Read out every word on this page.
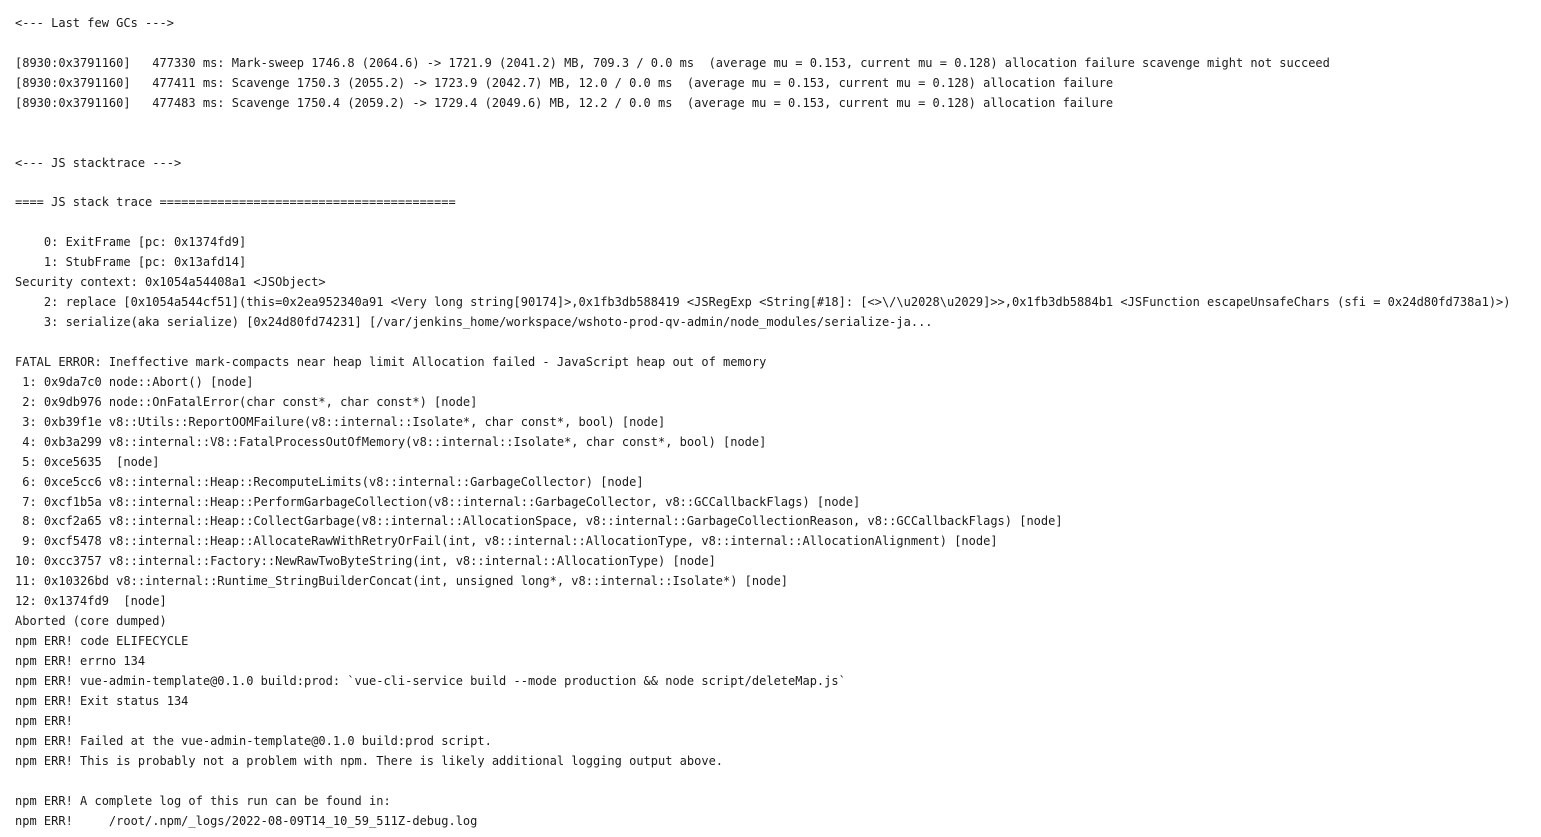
<--- Last few GCs --->
[8930:0x3791160]   477330 ms: Mark-sweep 1746.8 (2064.6) -> 1721.9 (2041.2) MB, 709.3 / 0.0 ms  (average mu = 0.153, current mu = 0.128) allocation failure scavenge might not succeed
[8930:0x3791160]   477411 ms: Scavenge 1750.3 (2055.2) -> 1723.9 (2042.7) MB, 12.0 / 0.0 ms  (average mu = 0.153, current mu = 0.128) allocation failure
[8930:0x3791160]   477483 ms: Scavenge 1750.4 (2059.2) -> 1729.4 (2049.6) MB, 12.2 / 0.0 ms  (average mu = 0.153, current mu = 0.128) allocation failure
<--- JS stacktrace --->
==== JS stack trace =========================================
0: ExitFrame [pc: 0x1374fd9]
1: StubFrame [pc: 0x13afd14]
Security context: 0x1054a54408a1 <JSObject>
2: replace [0x1054a544cf51](this=0x2ea952340a91 <Very long string[90174]>,0x1fb3db588419 <JSRegExp <String[#18]: [<>\/\u2028\u2029]>>,0x1fb3db5884b1 <JSFunction escapeUnsafeChars (sfi = 0x24d80fd738a1)>)
3: serialize(aka serialize) [0x24d80fd74231] [/var/jenkins_home/workspace/wshoto-prod-qv-admin/node_modules/serialize-ja...
FATAL ERROR: Ineffective mark-compacts near heap limit Allocation failed - JavaScript heap out of memory
1: 0x9da7c0 node::Abort() [node]
2: 0x9db976 node::OnFatalError(char const*, char const*) [node]
3: 0xb39f1e v8::Utils::ReportOOMFailure(v8::internal::Isolate*, char const*, bool) [node]
4: 0xb3a299 v8::internal::V8::FatalProcessOutOfMemory(v8::internal::Isolate*, char const*, bool) [node]
5: 0xce5635  [node]
6: 0xce5cc6 v8::internal::Heap::RecomputeLimits(v8::internal::GarbageCollector) [node]
7: 0xcf1b5a v8::internal::Heap::PerformGarbageCollection(v8::internal::GarbageCollector, v8::GCCallbackFlags) [node]
8: 0xcf2a65 v8::internal::Heap::CollectGarbage(v8::internal::AllocationSpace, v8::internal::GarbageCollectionReason, v8::GCCallbackFlags) [node]
9: 0xcf5478 v8::internal::Heap::AllocateRawWithRetryOrFail(int, v8::internal::AllocationType, v8::internal::AllocationAlignment) [node]
10: 0xcc3757 v8::internal::Factory::NewRawTwoByteString(int, v8::internal::AllocationType) [node]
11: 0x10326bd v8::internal::Runtime_StringBuilderConcat(int, unsigned long*, v8::internal::Isolate*) [node]
12: 0x1374fd9  [node]
Aborted (core dumped)
npm ERR! code ELIFECYCLE
npm ERR! errno 134
npm ERR! vue-admin-template@0.1.0 build:prod: `vue-cli-service build --mode production && node script/deleteMap.js`
npm ERR! Exit status 134
npm ERR!
npm ERR! Failed at the vue-admin-template@0.1.0 build:prod script.
npm ERR! This is probably not a problem with npm. There is likely additional logging output above.
npm ERR! A complete log of this run can be found in:
npm ERR!     /root/.npm/_logs/2022-08-09T14_10_59_511Z-debug.log
